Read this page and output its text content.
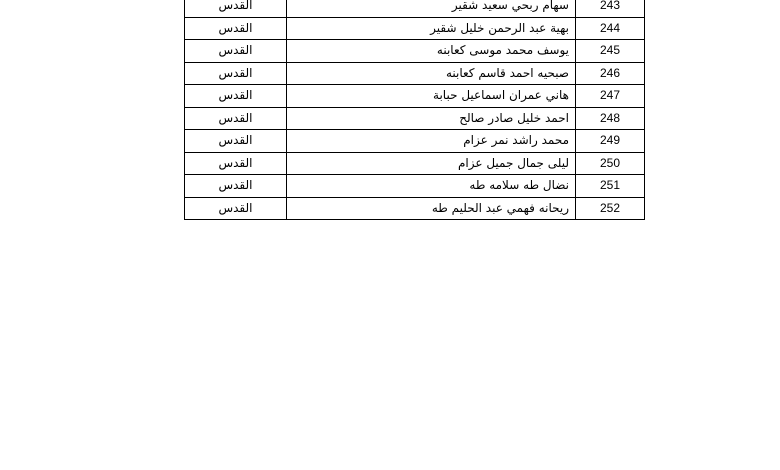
القدس	سهام ربحي سعيد شقير	243
القدس	بهية عبد الرحمن خليل شقير	244
القدس	يوسف محمد موسى كعابنه	245
القدس	صبحيه احمد قاسم كعابنه	246
القدس	هاني عمران اسماعيل حبابة	247
القدس	احمد خليل صادر صالح	248
القدس	محمد راشد نمر عزام	249
القدس	ليلى جمال جميل عزام	250
القدس	نضال طه سلامه طه	251
القدس	ريحانه فهمي عبد الحليم طه	252
